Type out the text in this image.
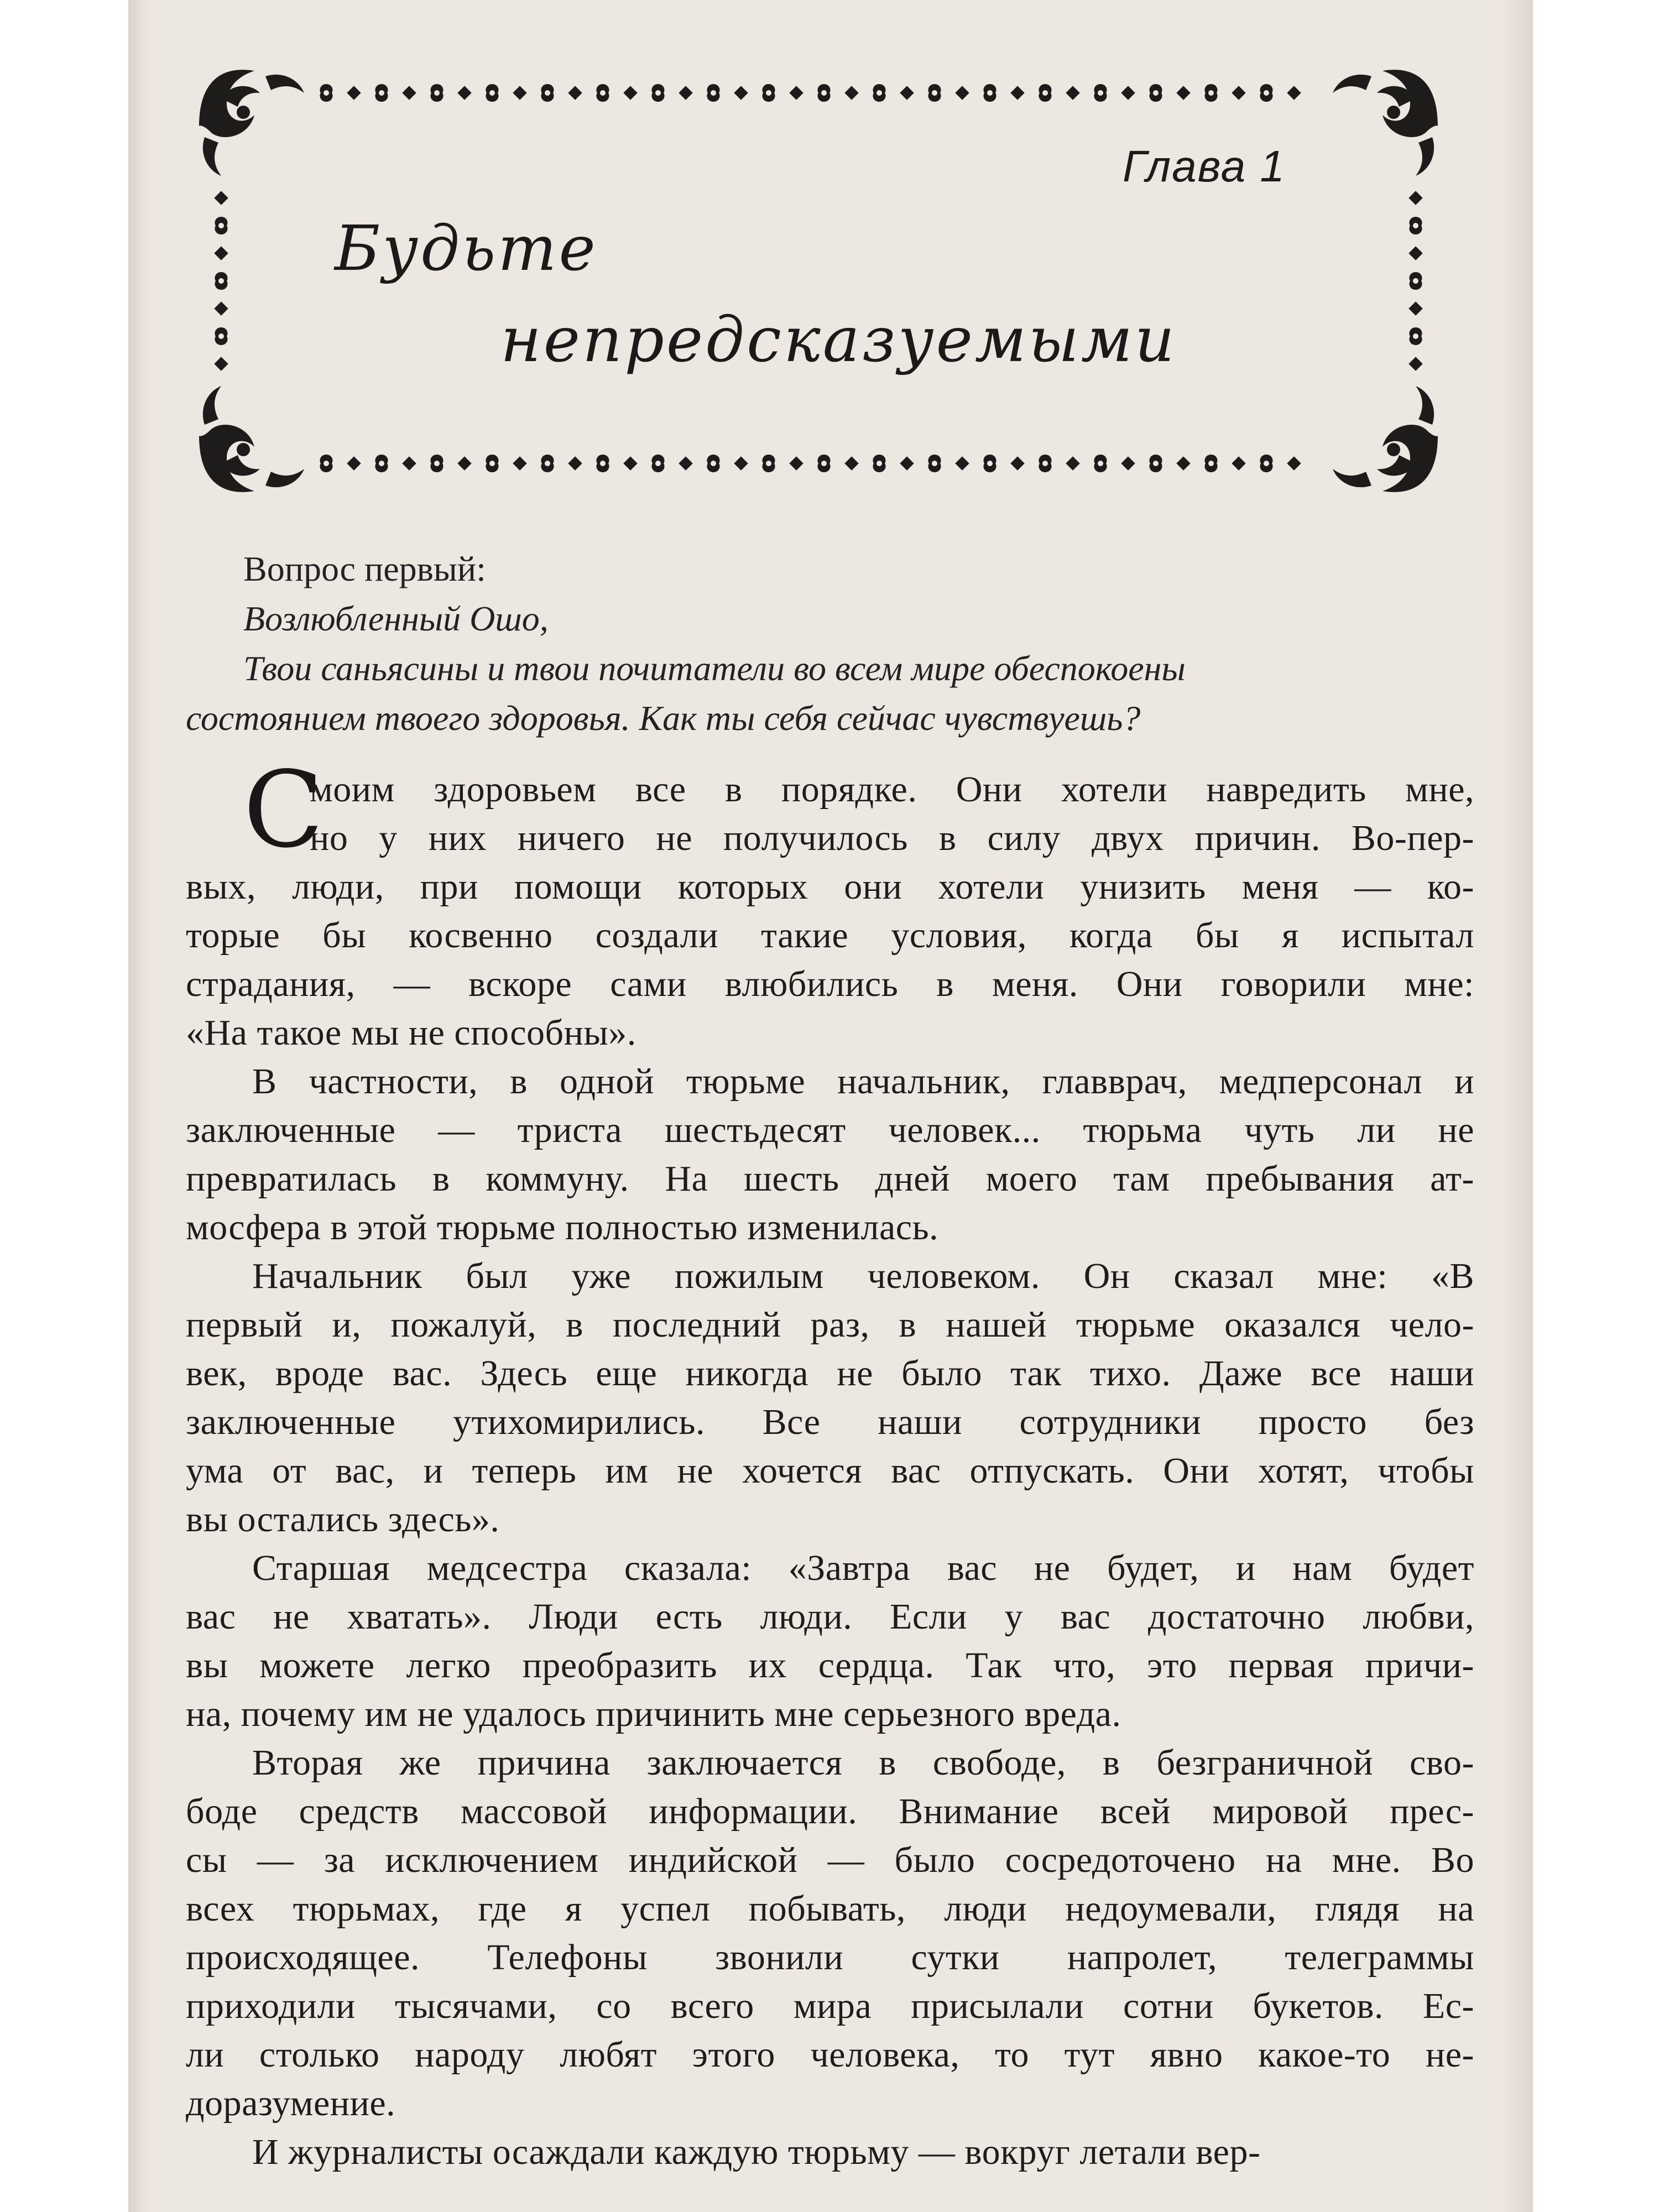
Глава 1
Будьте
непредсказуемыми
Вопрос первый:
Возлюбленный Ошо,
Твои саньясины и твои почитатели во всем мире обеспокоены
состоянием твоего здоровья. Как ты себя сейчас чувствуешь?
С
моим здоровьем все в порядке. Они хотели навредить мне,
но у них ничего не получилось в силу двух причин. Во-пер-
вых, люди, при помощи которых они хотели унизить меня — ко-
торые бы косвенно создали такие условия, когда бы я испытал
страдания, — вскоре сами влюбились в меня. Они говорили мне:
«На такое мы не способны».
В частности, в одной тюрьме начальник, главврач, медперсонал и
заключенные — триста шестьдесят человек... тюрьма чуть ли не
превратилась в коммуну. На шесть дней моего там пребывания ат-
мосфера в этой тюрьме полностью изменилась.
Начальник был уже пожилым человеком. Он сказал мне: «В
первый и, пожалуй, в последний раз, в нашей тюрьме оказался чело-
век, вроде вас. Здесь еще никогда не было так тихо. Даже все наши
заключенные утихомирились. Все наши сотрудники просто без
ума от вас, и теперь им не хочется вас отпускать. Они хотят, чтобы
вы остались здесь».
Старшая медсестра сказала: «Завтра вас не будет, и нам будет
вас не хватать». Люди есть люди. Если у вас достаточно любви,
вы можете легко преобразить их сердца. Так что, это первая причи-
на, почему им не удалось причинить мне серьезного вреда.
Вторая же причина заключается в свободе, в безграничной сво-
боде средств массовой информации. Внимание всей мировой прес-
сы — за исключением индийской — было сосредоточено на мне. Во
всех тюрьмах, где я успел побывать, люди недоумевали, глядя на
происходящее. Телефоны звонили сутки напролет, телеграммы
приходили тысячами, со всего мира присылали сотни букетов. Ес-
ли столько народу любят этого человека, то тут явно какое-то не-
доразумение.
И журналисты осаждали каждую тюрьму — вокруг летали вер-
